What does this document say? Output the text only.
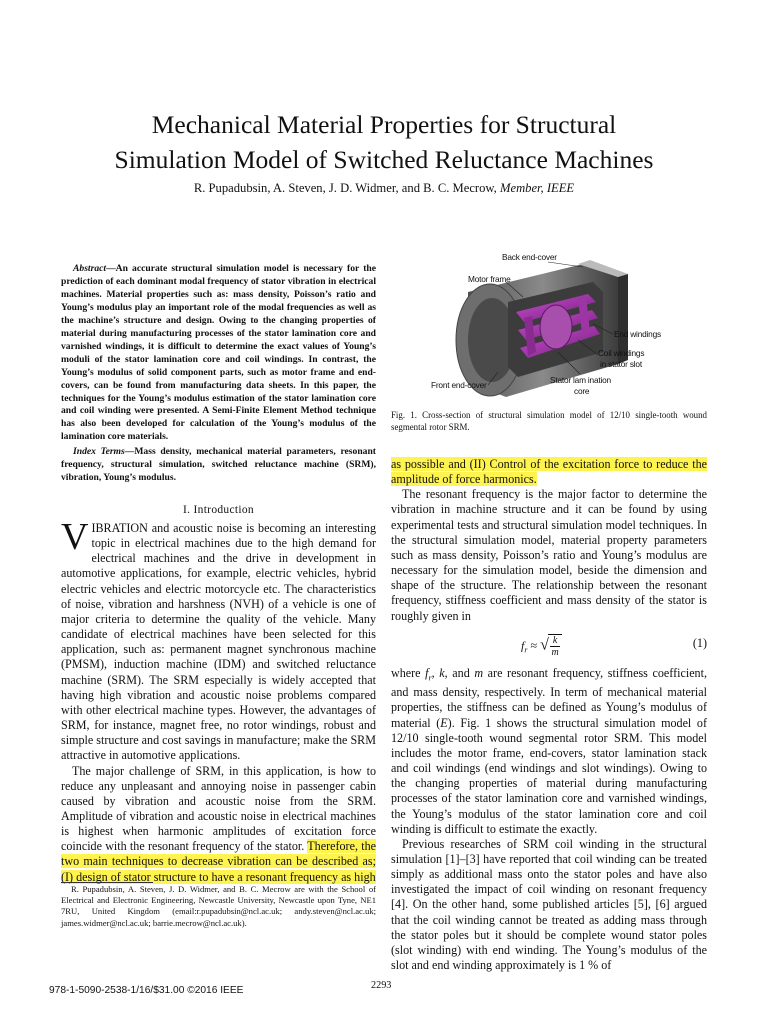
Mechanical Material Properties for Structural
Simulation Model of Switched Reluctance Machines
R. Pupadubsin, A. Steven, J. D. Widmer, and B. C. Mecrow, Member, IEEE

Abstract—An accurate structural simulation model is necessary for the prediction of each dominant modal frequency of stator vibration in electrical machines. Material properties such as: mass density, Poisson’s ratio and Young’s modulus play an important role of the modal frequencies as well as the machine’s structure and design. Owing to the changing properties of material during manufacturing processes of the stator lamination core and varnished windings, it is difficult to determine the exact values of Young’s moduli of the stator lamination core and coil windings. In contrast, the Young’s modulus of solid component parts, such as motor frame and end-covers, can be found from manufacturing data sheets. In this paper, the techniques for the Young’s modulus estimation of the stator lamination core and coil winding were presented. A Semi-Finite Element Method technique has also been developed for calculation of the Young’s modulus of the lamination core materials.

Index Terms—Mass density, mechanical material parameters, resonant frequency, structural simulation, switched reluctance machine (SRM), vibration, Young’s modulus.

I. Introduction

VIBRATION and acoustic noise is becoming an interesting topic in electrical machines due to the high demand for electrical machines and the drive in development in automotive applications, for example, electric vehicles, hybrid electric vehicles and electric motorcycle etc. The characteristics of noise, vibration and harshness (NVH) of a vehicle is one of major criteria to determine the quality of the vehicle. Many candidate of electrical machines have been selected for this application, such as: permanent magnet synchronous machine (PMSM), induction machine (IDM) and switched reluctance machine (SRM). The SRM especially is widely accepted that having high vibration and acoustic noise problems compared with other electrical machine types. However, the advantages of SRM, for instance, magnet free, no rotor windings, robust and simple structure and cost savings in manufacture; make the SRM attractive in automotive applications.

The major challenge of SRM, in this application, is how to reduce any unpleasant and annoying noise in passenger cabin caused by vibration and acoustic noise from the SRM. Amplitude of vibration and acoustic noise in electrical machines is highest when harmonic amplitudes of excitation force coincide with the resonant frequency of the stator. Therefore, the two main techniques to decrease vibration can be described as; (I) design of stator structure to have a resonant frequency as high

R. Pupadubsin, A. Steven, J. D. Widmer, and B. C. Mecrow are with the School of Electrical and Electronic Engineering, Newcastle University, Newcastle upon Tyne, NE1 7RU, United Kingdom (email:r.pupadubsin@ncl.ac.uk; andy.steven@ncl.ac.uk; james.widmer@ncl.ac.uk; barrie.mecrow@ncl.ac.uk).

Back end-cover
Motor frame
End windings
Coil windings
in stator slot
Stator lam ination
core
Front end-cover

Fig. 1. Cross-section of structural simulation model of 12/10 single-tooth wound segmental rotor SRM.

as possible and (II) Control of the excitation force to reduce the amplitude of force harmonics.

The resonant frequency is the major factor to determine the vibration in machine structure and it can be found by using experimental tests and structural simulation model techniques. In the structural simulation model, material property parameters such as mass density, Poisson’s ratio and Young’s modulus are necessary for the simulation model, beside the dimension and shape of the structure. The relationship between the resonant frequency, stiffness coefficient and mass density of the stator is roughly given in

$f_r$ ≈ √ $\frac{k}{m}$	(1)

where $f_r$, k, and m are resonant frequency, stiffness coefficient, and mass density, respectively. In term of mechanical material properties, the stiffness can be defined as Young’s modulus of material (E). Fig. 1 shows the structural simulation model of 12/10 single-tooth wound segmental rotor SRM. This model includes the motor frame, end-covers, stator lamination stack and coil windings (end windings and slot windings). Owing to the changing properties of material during manufacturing processes of the stator lamination core and varnished windings, the Young’s modulus of the stator lamination core and coil winding is difficult to estimate the exactly.

Previous researches of SRM coil winding in the structural simulation [1]–[3] have reported that coil winding can be treated simply as additional mass onto the stator poles and have also investigated the impact of coil winding on resonant frequency [4]. On the other hand, some published articles [5], [6] argued that the coil winding cannot be treated as adding mass through the stator poles but it should be complete wound stator poles (slot winding) with end winding. The Young’s modulus of the slot and end winding approximately is 1 % of

978-1-5090-2538-1/16/$31.00 ©2016 IEEE	2293
